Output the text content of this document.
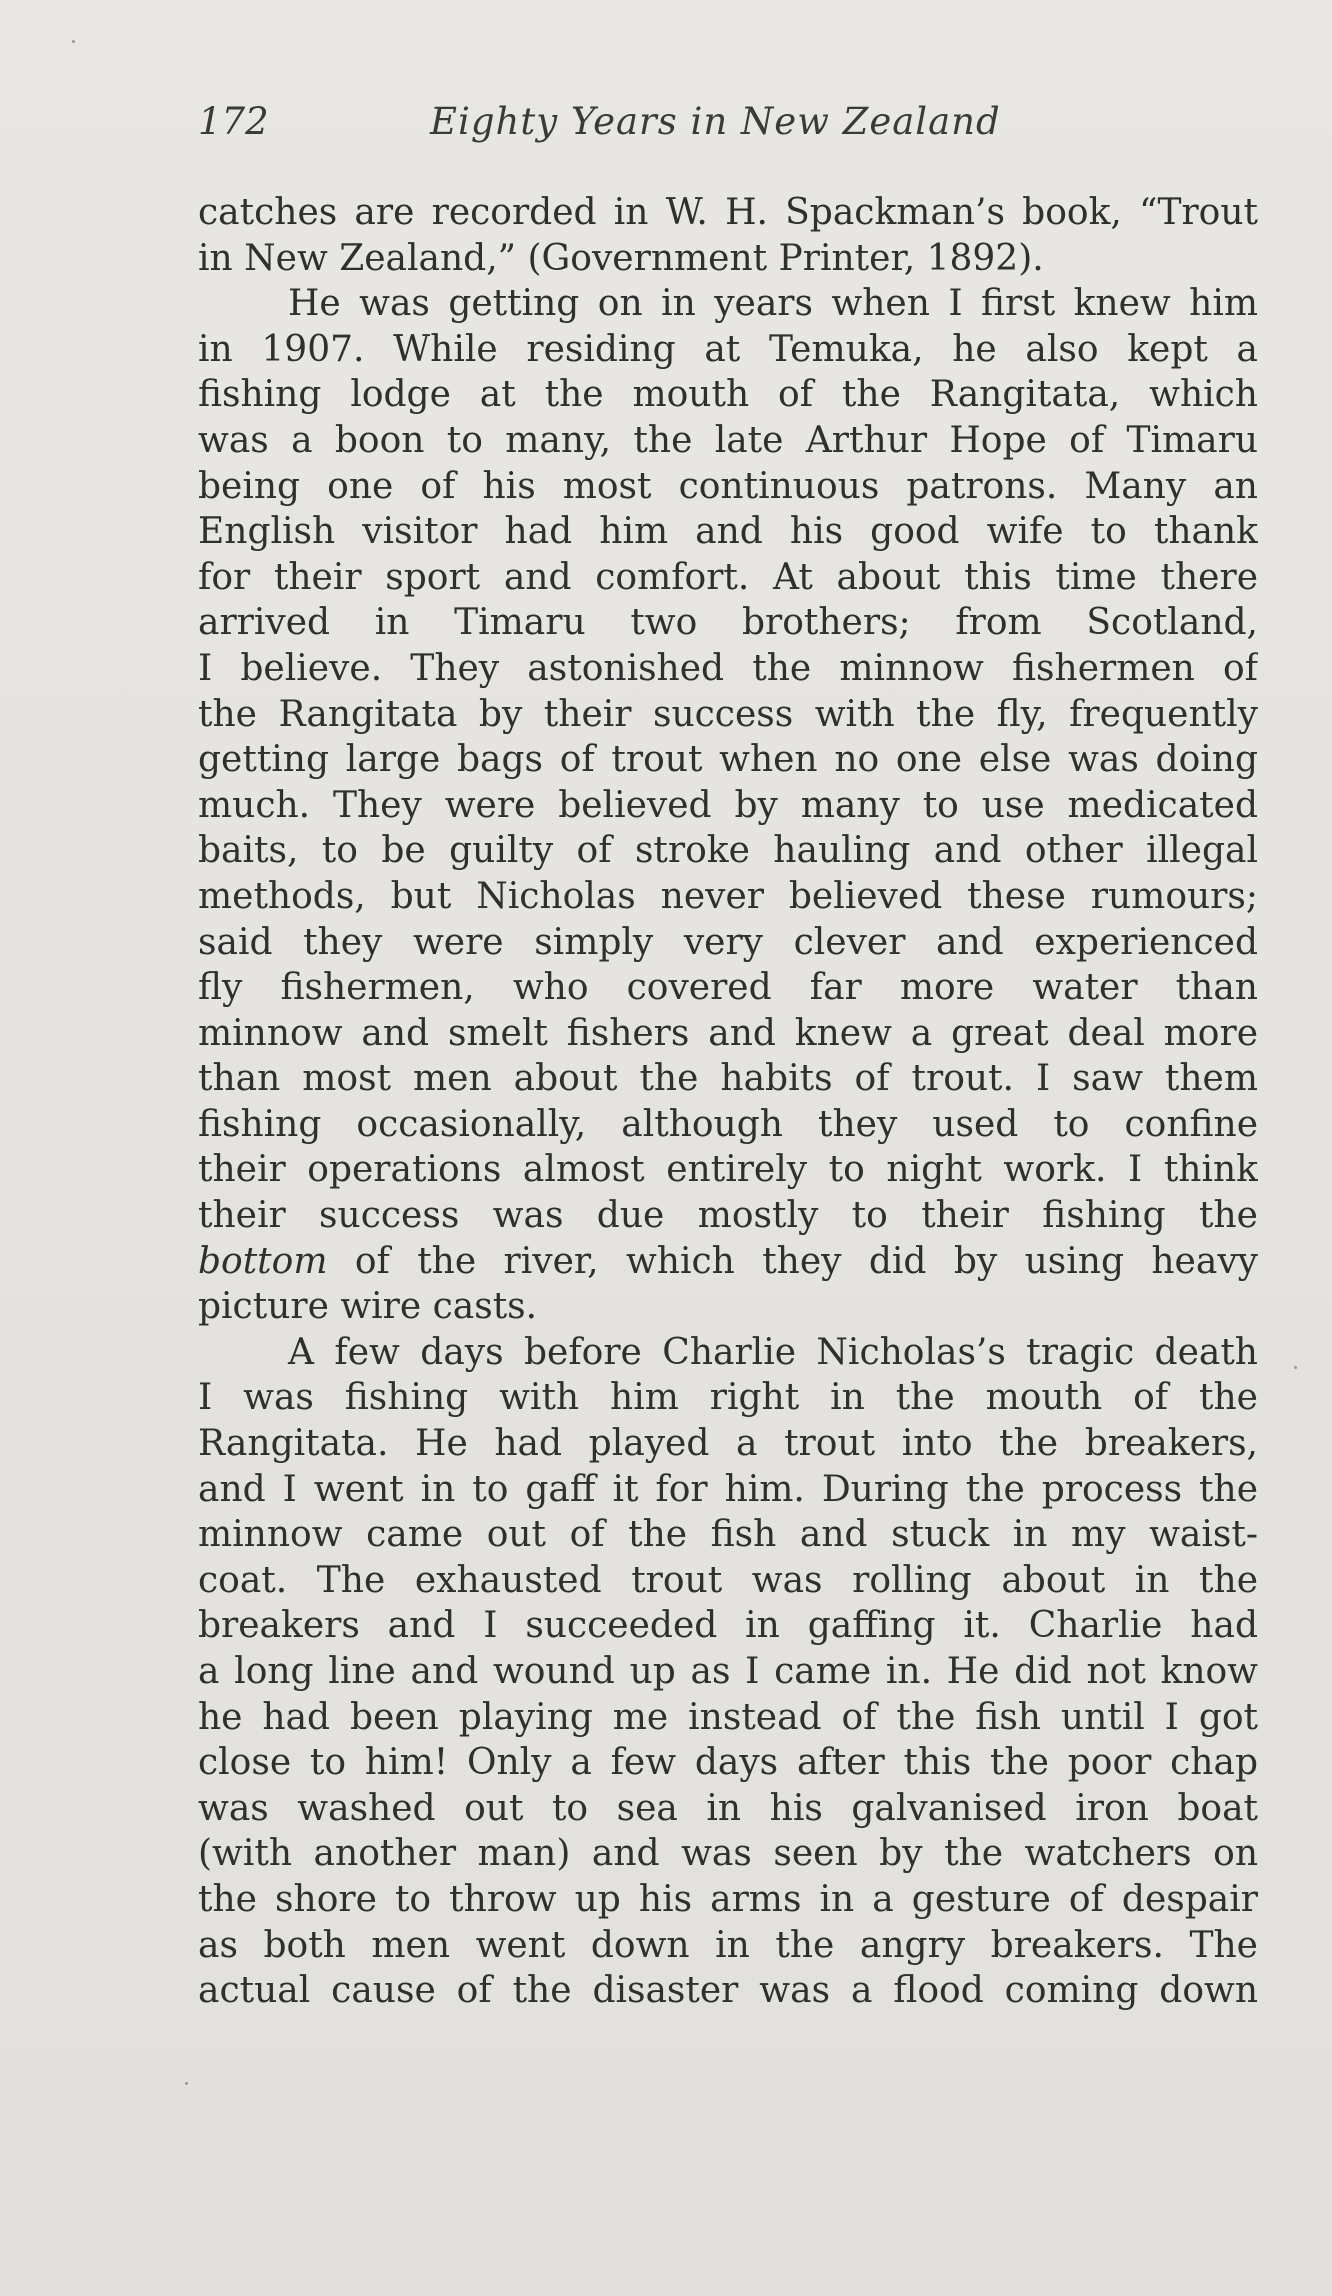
172	Eighty Years in New Zealand
catches are recorded in W. H. Spackman’s book, “Trout
in New Zealand,” (Government Printer, 1892).
He was getting on in years when I first knew him
in 1907. While residing at Temuka, he also kept a
fishing lodge at the mouth of the Rangitata, which
was a boon to many, the late Arthur Hope of Timaru
being one of his most continuous patrons. Many an
English visitor had him and his good wife to thank
for their sport and comfort. At about this time there
arrived in Timaru two brothers; from Scotland,
I believe. They astonished the minnow fishermen of
the Rangitata by their success with the fly, frequently
getting large bags of trout when no one else was doing
much. They were believed by many to use medicated
baits, to be guilty of stroke hauling and other illegal
methods, but Nicholas never believed these rumours;
said they were simply very clever and experienced
fly fishermen, who covered far more water than
minnow and smelt fishers and knew a great deal more
than most men about the habits of trout. I saw them
fishing occasionally, although they used to confine
their operations almost entirely to night work. I think
their success was due mostly to their fishing the
bottom of the river, which they did by using heavy
picture wire casts.
A few days before Charlie Nicholas’s tragic death
I was fishing with him right in the mouth of the
Rangitata. He had played a trout into the breakers,
and I went in to gaff it for him. During the process the
minnow came out of the fish and stuck in my waist-
coat. The exhausted trout was rolling about in the
breakers and I succeeded in gaffing it. Charlie had
a long line and wound up as I came in. He did not know
he had been playing me instead of the fish until I got
close to him! Only a few days after this the poor chap
was washed out to sea in his galvanised iron boat
(with another man) and was seen by the watchers on
the shore to throw up his arms in a gesture of despair
as both men went down in the angry breakers. The
actual cause of the disaster was a flood coming down
